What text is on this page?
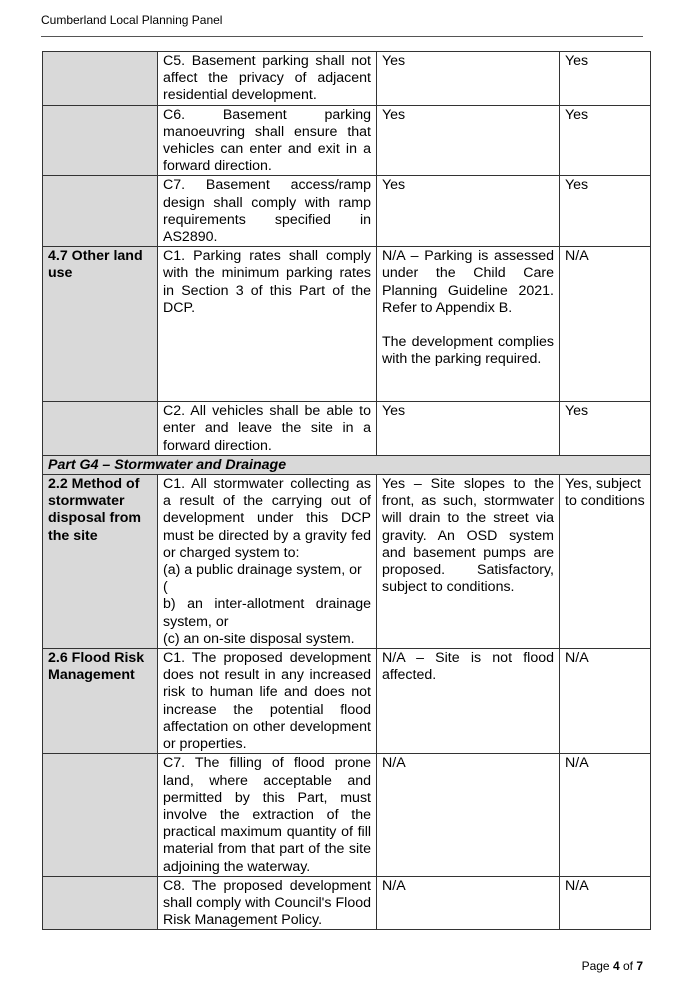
Cumberland Local Planning Panel

	C5. Basement parking shall not affect the privacy of adjacent residential development.	Yes	Yes

	C6. Basement parking manoeuvring shall ensure that vehicles can enter and exit in a forward direction.	Yes	Yes

	C7. Basement access/ramp design shall comply with ramp requirements specified in AS2890.	Yes	Yes

4.7 Other land use	C1. Parking rates shall comply with the minimum parking rates in Section 3 of this Part of the DCP.	N/A – Parking is assessed under the Child Care Planning Guideline 2021. Refer to Appendix B.
The development complies with the parking required.	N/A

	C2. All vehicles shall be able to enter and leave the site in a forward direction.	Yes	Yes

Part G4 – Stormwater and Drainage			
2.2 Method of stormwater disposal from the site	C1. All stormwater collecting as a result of the carrying out of development under this DCP must be directed by a gravity fed or charged system to:
(a) a public drainage system, or
(
b) an inter-allotment drainage system, or
(c) an on-site disposal system.	Yes – Site slopes to the front, as such, stormwater will drain to the street via gravity. An OSD system and basement pumps are proposed. Satisfactory, subject to conditions.	Yes, subject to conditions

2.6 Flood Risk Management	C1. The proposed development does not result in any increased risk to human life and does not increase the potential flood affectation on other development or properties.	N/A – Site is not flood affected.	N/A

	C7. The filling of flood prone land, where acceptable and permitted by this Part, must involve the extraction of the practical maximum quantity of fill material from that part of the site adjoining the waterway.	N/A	N/A

	C8. The proposed development shall comply with Council's Flood Risk Management Policy.	N/A	N/A
Page 4 of 7
